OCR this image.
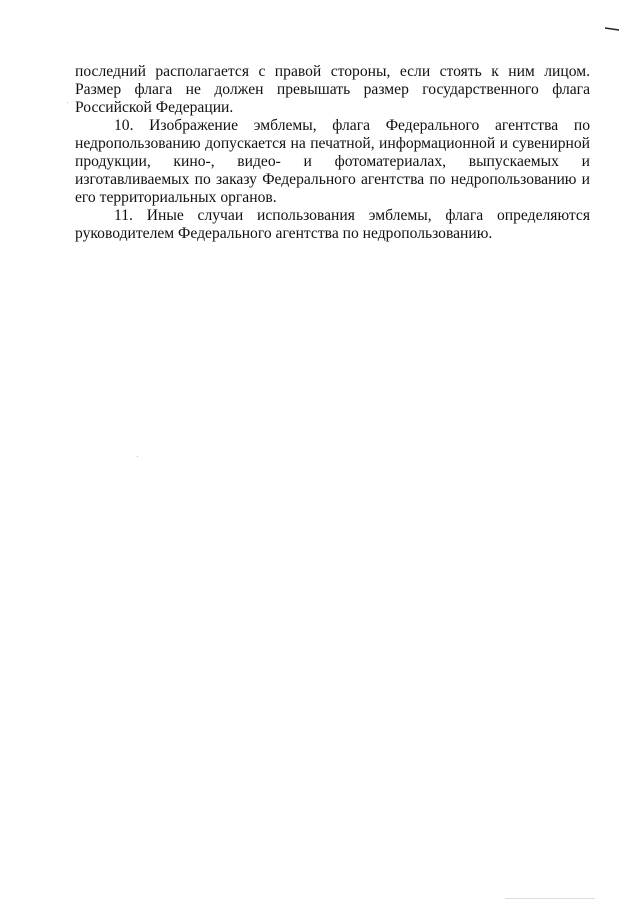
последний располагается с правой стороны, если стоять к ним лицом. Размер флага не должен превышать размер государственного флага Российской Федерации.

10. Изображение эмблемы, флага Федерального агентства по недропользованию допускается на печатной, информационной и сувенирной продукции, кино-, видео- и фотоматериалах, выпускаемых и изготавливаемых по заказу Федерального агентства по недропользованию и его территориальных органов.

11. Иные случаи использования эмблемы, флага определяются руководителем Федерального агентства по недропользованию.
